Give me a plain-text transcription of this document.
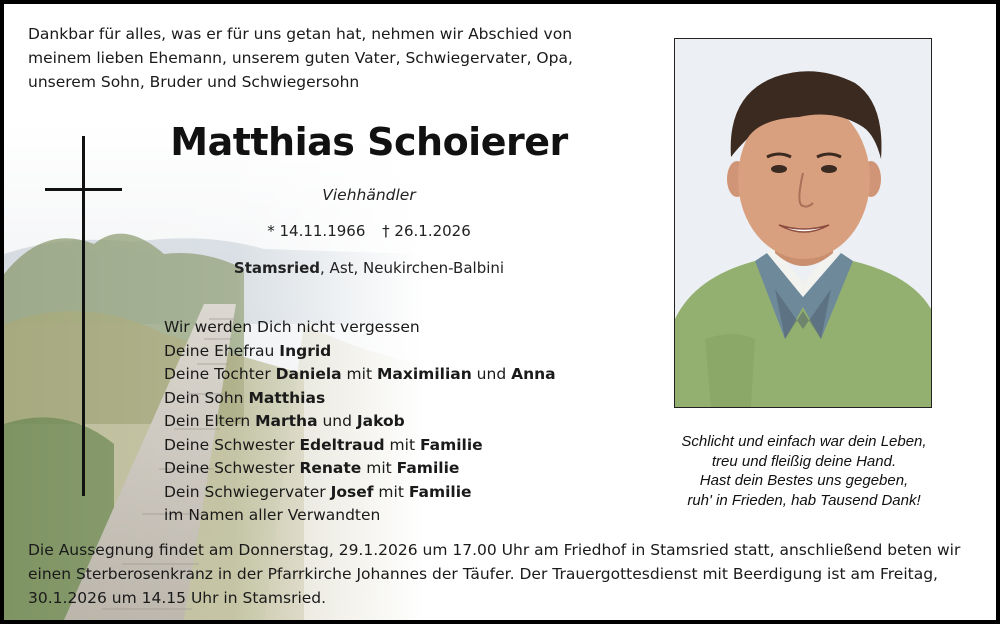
Dankbar für alles, was er für uns getan hat, nehmen wir Abschied von
meinem lieben Ehemann, unserem guten Vater, Schwiegervater, Opa,
unserem Sohn, Bruder und Schwiegersohn
Matthias Schoierer
Viehhändler
* 14.11.1966 † 26.1.2026
Stamsried, Ast, Neukirchen-Balbini
Wir werden Dich nicht vergessen
Deine Ehefrau Ingrid
Deine Tochter Daniela mit Maximilian und Anna
Dein Sohn Matthias
Dein Eltern Martha und Jakob
Deine Schwester Edeltraud mit Familie
Deine Schwester Renate mit Familie
Dein Schwiegervater Josef mit Familie
im Namen aller Verwandten
Schlicht und einfach war dein Leben,
treu und fleißig deine Hand.
Hast dein Bestes uns gegeben,
ruh' in Frieden, hab Tausend Dank!
Die Aussegnung findet am Donnerstag, 29.1.2026 um 17.00 Uhr am Friedhof in Stamsried statt, anschließend beten wir
einen Sterberosenkranz in der Pfarrkirche Johannes der Täufer. Der Trauergottesdienst mit Beerdigung ist am Freitag,
30.1.2026 um 14.15 Uhr in Stamsried.
